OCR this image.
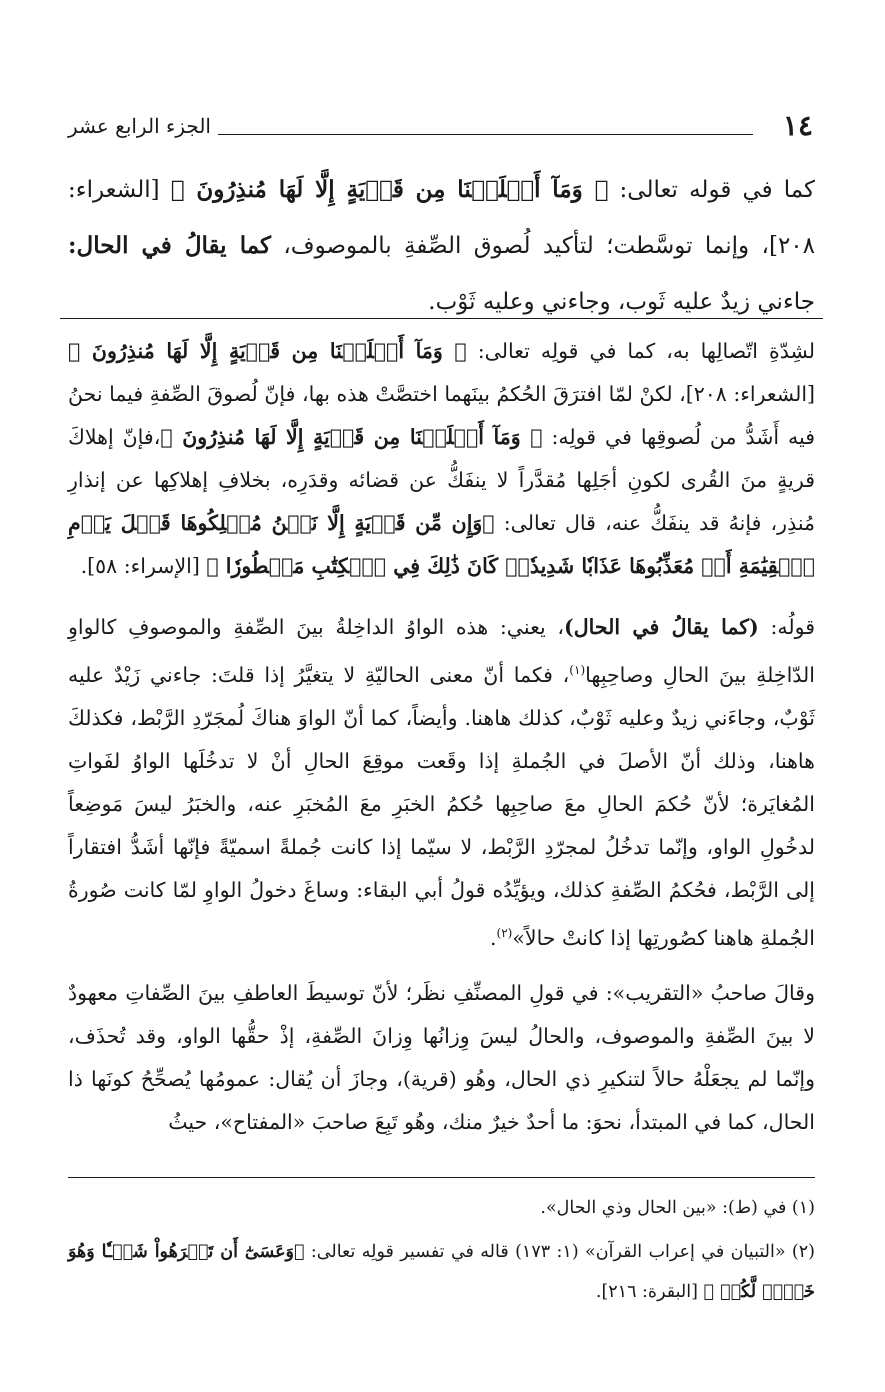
١٤
الجزء الرابع عشر

كما في قوله تعالى: ﴿ وَمَآ أَهۡلَكۡنَا مِن قَرۡيَةٍ إِلَّا لَهَا مُنذِرُونَ ﴾ [الشعراء: ٢٠٨]، وإنما توسَّطت؛ لتأكيد لُصوق الصِّفةِ بالموصوف، كما يقالُ في الحال: جاءني زيدٌ عليه ثَوب، وجاءني وعليه ثَوْب.

لشِدّةِ اتّصالِها به، كما في قولِه تعالى: ﴿ وَمَآ أَهۡلَكۡنَا مِن قَرۡيَةٍ إِلَّا لَهَا مُنذِرُونَ ﴾ [الشعراء: ٢٠٨]، لكنْ لمّا افترَقَ الحُكمُ بينَهما اختصَّتْ هذه بها، فإنّ لُصوقَ الصِّفةِ فيما نحنُ فيه أَشَدُّ من لُصوقِها في قولِه: ﴿ وَمَآ أَهۡلَكۡنَا مِن قَرۡيَةٍ إِلَّا لَهَا مُنذِرُونَ ﴾،فإنّ إهلاكَ قريةٍ منَ القُرى لكونِ أجَلِها مُقدَّراً لا ينفَكُّ عن قضائه وقدَرِه، بخلافِ إهلاكِها عن إنذارِ مُنذِر، فإنهُ قد ينفَكُّ عنه، قال تعالى: ﴿وَإِن مِّن قَرۡيَةٍ إِلَّا نَحۡنُ مُهۡلِكُوهَا قَبۡلَ يَوۡمِ ٱلۡقِيَٰمَةِ أَوۡ مُعَذِّبُوهَا عَذَابٗا شَدِيدٗاۚ كَانَ ذَٰلِكَ فِي ٱلۡكِتَٰبِ مَسۡطُورٗا ﴾ [الإسراء: ٥٨].

قولُه: (كما يقالُ في الحال)، يعني: هذه الواوُ الداخِلةُ بينَ الصِّفةِ والموصوفِ كالواوِ الدّاخِلةِ بينَ الحالِ وصاحِبِها$^{(١)}$، فكما أنّ معنى الحاليّةِ لا يتغيَّرُ إذا قلتَ: جاءني زَيْدٌ عليه ثَوْبٌ، وجاءَني زيدٌ وعليه ثَوْبٌ، كذلك هاهنا. وأيضاً، كما أنّ الواوَ هناكَ لُمجَرّدِ الرَّبْط، فكذلكَ هاهنا، وذلك أنّ الأصلَ في الجُملةِ إذا وقَعت موقِعَ الحالِ أنْ لا تدخُلَها الواوُ لفَواتِ المُغايَرة؛ لأنّ حُكمَ الحالِ معَ صاحِبِها حُكمُ الخبَرِ معَ المُخبَرِ عنه، والخبَرُ ليسَ مَوضِعاً لدخُولِ الواو، وإنّما تدخُلُ لمجرّدِ الرَّبْط، لا سيّما إذا كانت جُملةً اسميّةً فإنّها أشَدُّ افتقاراً إلى الرَّبْط، فحُكمُ الصِّفةِ كذلك، ويؤيِّدُه قولُ أبي البقاء: وساغَ دخولُ الواوِ لمّا كانت صُورةُ الجُملةِ هاهنا كصُورتِها إذا كانتْ حالاً»$^{(٢)}$.

وقالَ صاحبُ «التقريب»: في قولِ المصنِّفِ نظَر؛ لأنّ توسيطَ العاطفِ بينَ الصِّفاتِ معهودٌ لا بينَ الصِّفةِ والموصوف، والحالُ ليسَ وِزانُها وِزانَ الصِّفةِ، إذْ حقُّها الواو، وقد تُحذَف، وإنّما لم يجعَلْهُ حالاً لتنكيرِ ذي الحال، وهُو (قرية)، وجازَ أن يُقال: عمومُها يُصحِّحُ كونَها ذا الحال، كما في المبتدأ، نحوَ: ما أحدٌ خيرٌ منك، وهُو تَبِعَ صاحبَ «المفتاح»، حيثُ

(١) في (ط): «بين الحال وذي الحال».

(٢) «التبيان في إعراب القرآن» (١: ١٧٣) قاله في تفسير قولِه تعالى: ﴿وَعَسَىٰٓ أَن تَكۡرَهُواْ شَيۡـٔٗا وَهُوَ خَيۡرٞ لَّكُمۡ ﴾ [البقرة: ٢١٦].
